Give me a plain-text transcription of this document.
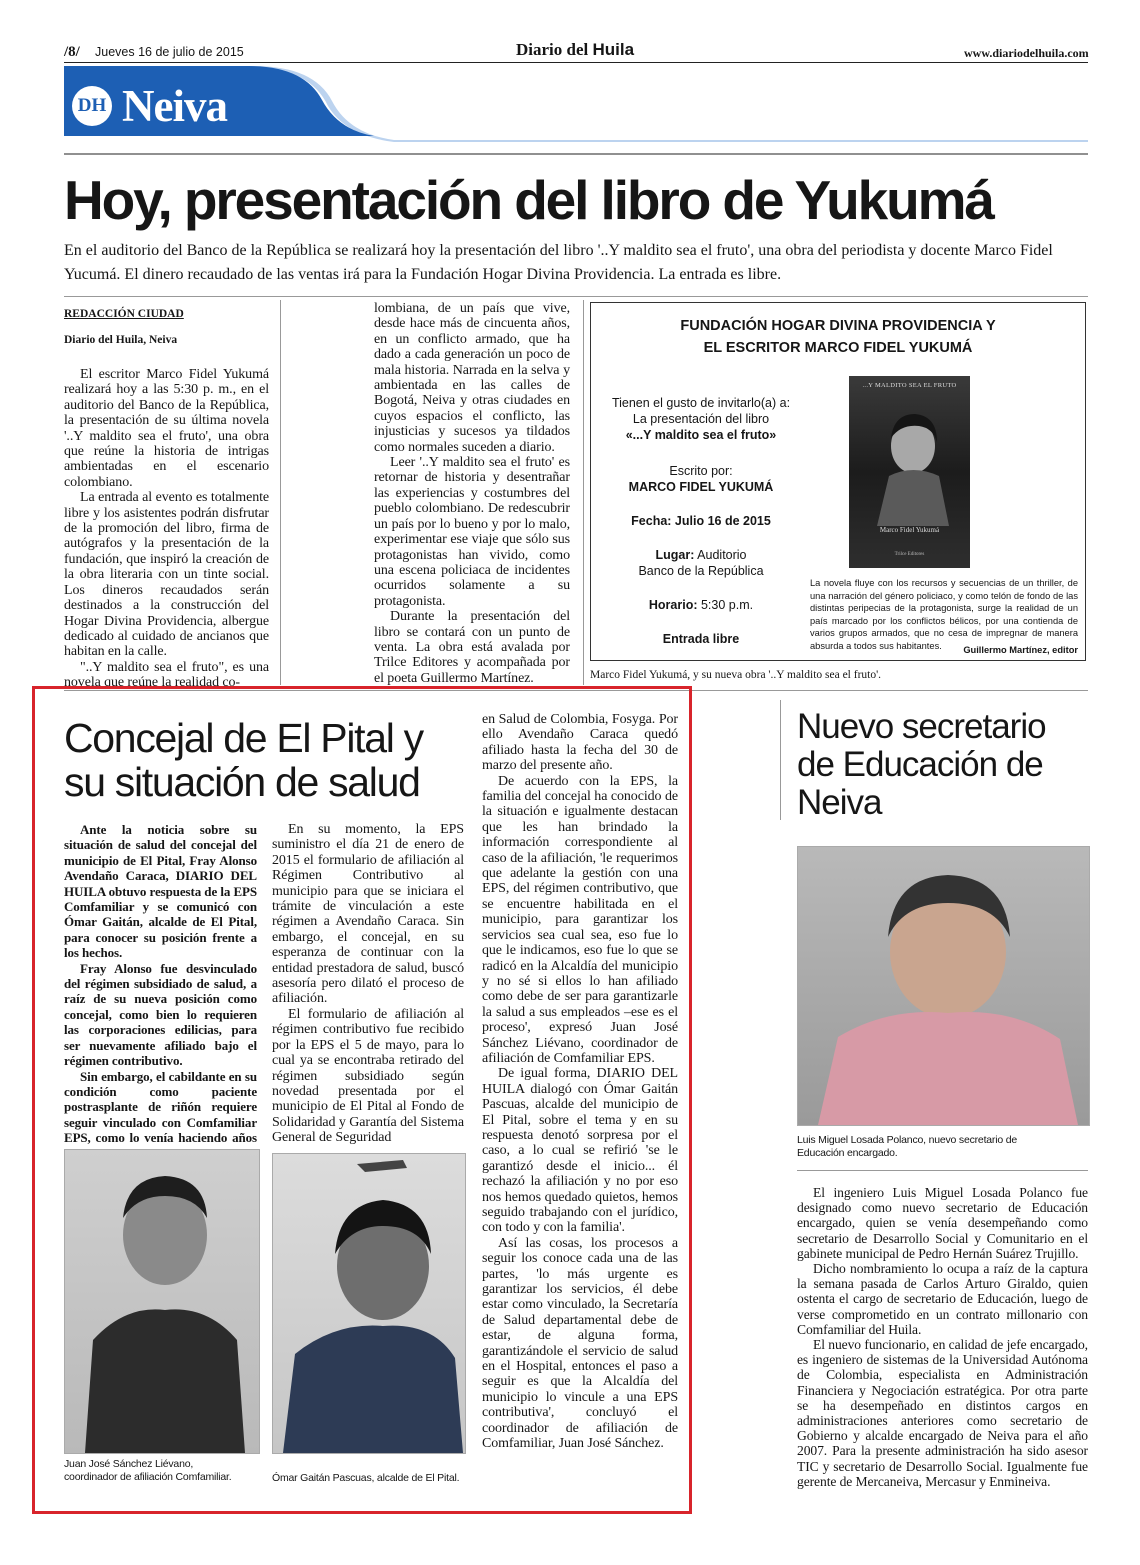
/8/ Jueves 16 de julio de 2015	Diario del Huila	www.diariodelhuila.com
DH Neiva
Hoy, presentación del libro de Yukumá
En el auditorio del Banco de la República se realizará hoy la presentación del libro '..Y maldito sea el fruto', una obra del periodista y docente Marco Fidel Yucumá. El dinero recaudado de las ventas irá para la Fundación Hogar Divina Providencia. La entrada es libre.
REDACCIÓN CIUDAD
Diario del Huila, Neiva

El escritor Marco Fidel Yukumá realizará hoy a las 5:30 p. m., en el auditorio del Banco de la República, la presentación de su última novela '..Y maldito sea el fruto', una obra que reúne la historia de intrigas ambientadas en el escenario colombiano.

La entrada al evento es totalmente libre y los asistentes podrán disfrutar de la promoción del libro, firma de autógrafos y la presentación de la fundación, que inspiró la creación de la obra literaria con un tinte social. Los dineros recaudados serán destinados a la construcción del Hogar Divina Providencia, albergue dedicado al cuidado de ancianos que habitan en la calle.

"..Y maldito sea el fruto", es una novela que reúne la realidad co-

lombiana, de un país que vive, desde hace más de cincuenta años, en un conflicto armado, que ha dado a cada generación un poco de mala historia. Narrada en la selva y ambientada en las calles de Bogotá, Neiva y otras ciudades en cuyos espacios el conflicto, las injusticias y sucesos ya tildados como normales suceden a diario.

Leer '..Y maldito sea el fruto' es retornar de historia y desentrañar las experiencias y costumbres del pueblo colombiano. De redescubrir un país por lo bueno y por lo malo, experimentar ese viaje que sólo sus protagonistas han vivido, como una escena policiaca de incidentes ocurridos solamente a su protagonista.

Durante la presentación del libro se contará con un punto de venta. La obra está avalada por Trilce Editores y acompañada por el poeta Guillermo Martínez.

FUNDACIÓN HOGAR DIVINA PROVIDENCIA Y
EL ESCRITOR MARCO FIDEL YUKUMÁ
Tienen el gusto de invitarlo(a) a:
La presentación del libro
«...Y maldito sea el fruto»
Escrito por:
MARCO FIDEL YUKUMÁ
Fecha: Julio 16 de 2015
Lugar: Auditorio
Banco de la República
Horario: 5:30 p.m.
Entrada libre
...Y MALDITO SEA EL FRUTO
Marco Fidel Yukumá
Trilce Editores
La novela fluye con los recursos y secuencias de un thriller, de una narración del género policiaco, y como telón de fondo de las distintas peripecias de la protagonista, surge la realidad de un país marcado por los conflictos bélicos, por una contienda de varios grupos armados, que no cesa de impregnar de manera absurda a todos sus habitantes.	Guillermo Martínez, editor
Marco Fidel Yukumá, y su nueva obra '..Y maldito sea el fruto'.
Concejal de El Pital y
su situación de salud

Ante la noticia sobre su situación de salud del concejal del municipio de El Pital, Fray Alonso Avendaño Caraca, DIARIO DEL HUILA obtuvo respuesta de la EPS Comfamiliar y se comunicó con Ómar Gaitán, alcalde de El Pital, para conocer su posición frente a los hechos.

Fray Alonso fue desvinculado del régimen subsidiado de salud, a raíz de su nueva posición como concejal, como bien lo requieren las corporaciones edilicias, para ser nuevamente afiliado bajo el régimen contributivo.

Sin embargo, el cabildante en su condición como paciente postrasplante de riñón requiere seguir vinculado con Comfamiliar EPS, como lo venía haciendo años

En su momento, la EPS suministro el día 21 de enero de 2015 el formulario de afiliación al Régimen Contributivo al municipio para que se iniciara el trámite de vinculación a este régimen a Avendaño Caraca. Sin embargo, el concejal, en su esperanza de continuar con la entidad prestadora de salud, buscó asesoría pero dilató el proceso de afiliación.

El formulario de afiliación al régimen contributivo fue recibido por la EPS el 5 de mayo, para lo cual ya se encontraba retirado del régimen subsidiado según novedad presentada por el municipio de El Pital al Fondo de Solidaridad y Garantía del Sistema General de Seguridad

en Salud de Colombia, Fosyga. Por ello Avendaño Caraca quedó afiliado hasta la fecha del 30 de marzo del presente año.

De acuerdo con la EPS, la familia del concejal ha conocido de la situación e igualmente destacan que les han brindado la información correspondiente al caso de la afiliación, 'le requerimos que adelante la gestión con una EPS, del régimen contributivo, que se encuentre habilitada en el municipio, para garantizar los servicios sea cual sea, eso fue lo que le indicamos, eso fue lo que se radicó en la Alcaldía del municipio y no sé si ellos lo han afiliado como debe de ser para garantizarle la salud a sus empleados –ese es el proceso', expresó Juan José Sánchez Liévano, coordinador de afiliación de Comfamiliar EPS.

De igual forma, DIARIO DEL HUILA dialogó con Ómar Gaitán Pascuas, alcalde del municipio de El Pital, sobre el tema y en su respuesta denotó sorpresa por el caso, a lo cual se refirió 'se le garantizó desde el inicio... él rechazó la afiliación y no por eso nos hemos quedado quietos, hemos seguido trabajando con el jurídico, con todo y con la familia'.

Así las cosas, los procesos a seguir los conoce cada una de las partes, 'lo más urgente es garantizar los servicios, él debe estar como vinculado, la Secretaría de Salud departamental debe de estar, de alguna forma, garantizándole el servicio de salud en el Hospital, entonces el paso a seguir es que la Alcaldía del municipio lo vincule a una EPS contributiva', concluyó el coordinador de afiliación de Comfamiliar, Juan José Sánchez.

Juan José Sánchez Liévano,
coordinador de afiliación Comfamiliar.	Ómar Gaitán Pascuas, alcalde de El Pital.
Nuevo secretario
de Educación de
Neiva
Luis Miguel Losada Polanco, nuevo secretario de
Educación encargado.

El ingeniero Luis Miguel Losada Polanco fue designado como nuevo secretario de Educación encargado, quien se venía desempeñando como secretario de Desarrollo Social y Comunitario en el gabinete municipal de Pedro Hernán Suárez Trujillo.

Dicho nombramiento lo ocupa a raíz de la captura la semana pasada de Carlos Arturo Giraldo, quien ostenta el cargo de secretario de Educación, luego de verse comprometido en un contrato millonario con Comfamiliar del Huila.

El nuevo funcionario, en calidad de jefe encargado, es ingeniero de sistemas de la Universidad Autónoma de Colombia, especialista en Administración Financiera y Negociación estratégica. Por otra parte se ha desempeñado en distintos cargos en administraciones anteriores como secretario de Gobierno y alcalde encargado de Neiva para el año 2007. Para la presente administración ha sido asesor TIC y secretario de Desarrollo Social. Igualmente fue gerente de Mercaneiva, Mercasur y Enmineiva.
